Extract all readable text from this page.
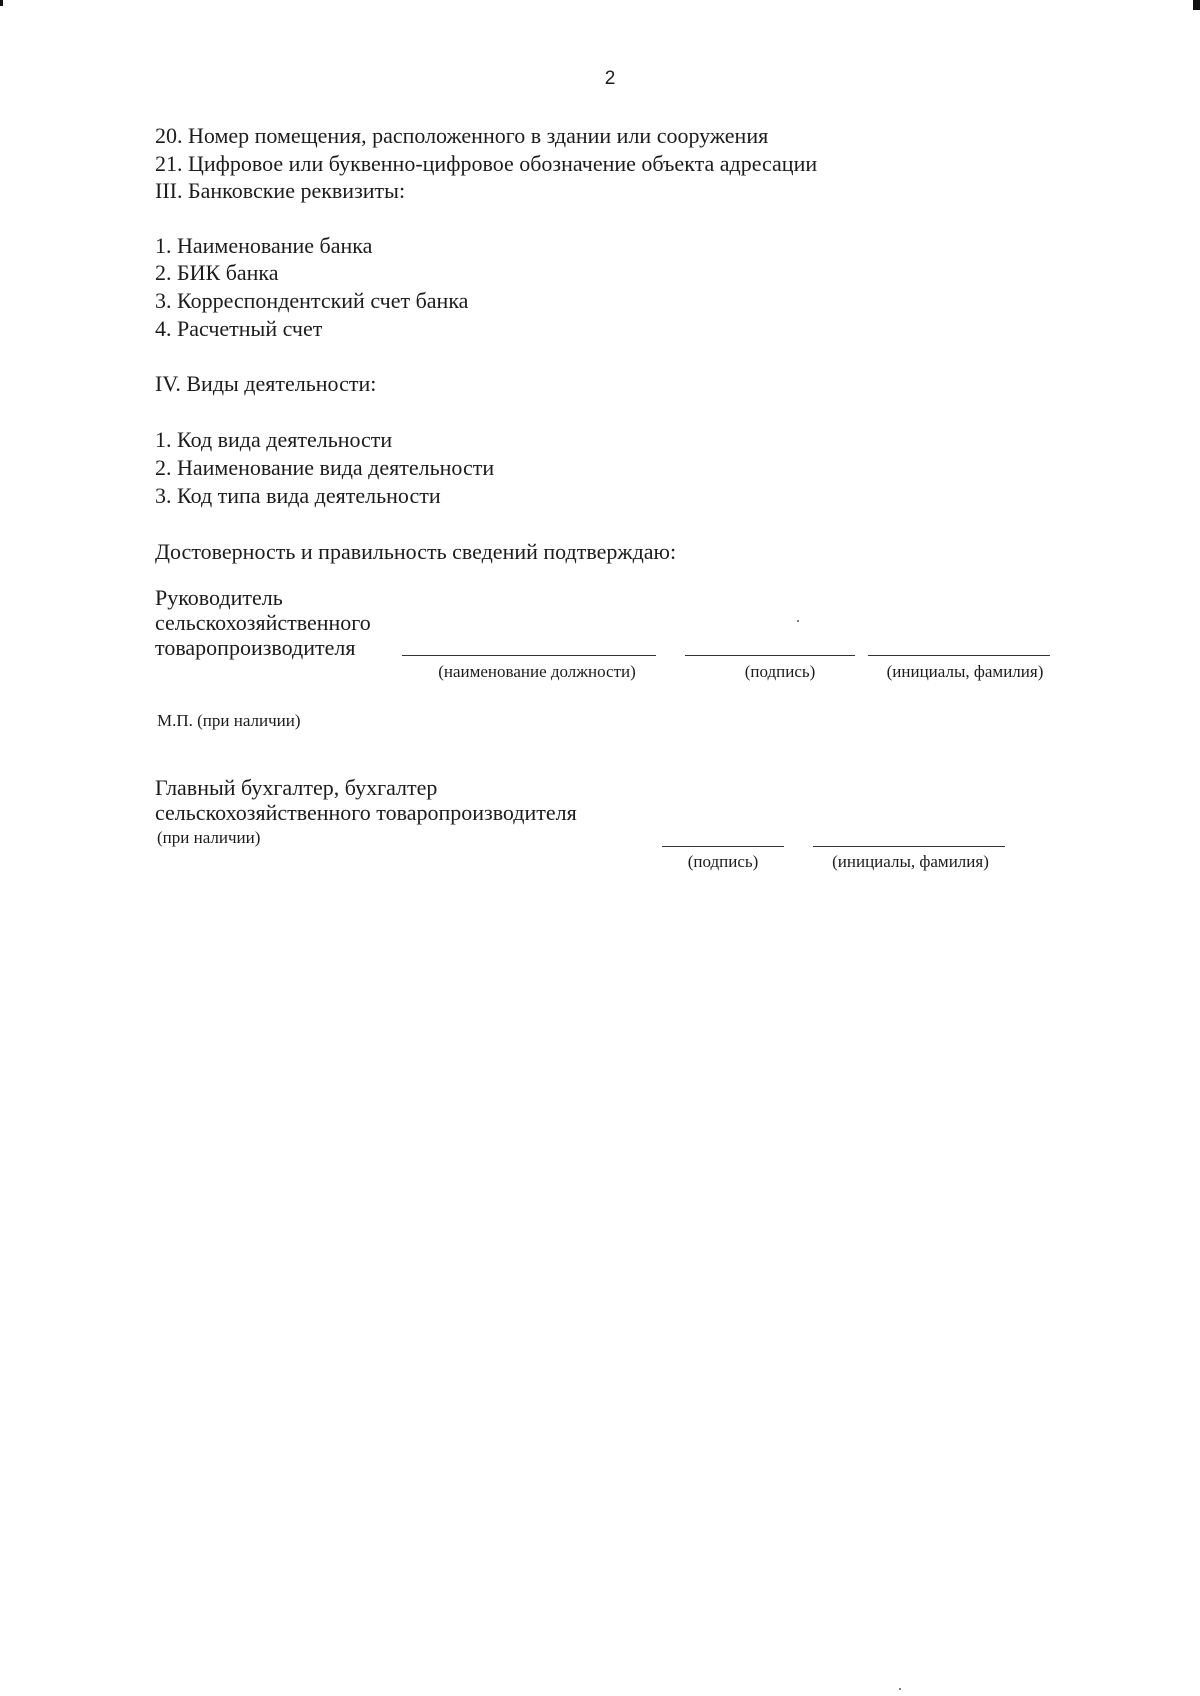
2
20. Номер помещения, расположенного в здании или сооружения
21. Цифровое или буквенно-цифровое обозначение объекта адресации
III. Банковские реквизиты:
1. Наименование банка
2. БИК банка
3. Корреспондентский счет банка
4. Расчетный счет
IV. Виды деятельности:
1. Код вида деятельности
2. Наименование вида деятельности
3. Код типа вида деятельности
Достоверность и правильность сведений подтверждаю:
Руководитель
сельскохозяйственного
товаропроизводителя
(наименование должности)	(подпись)	(инициалы, фамилия)
М.П. (при наличии)
Главный бухгалтер, бухгалтер
сельскохозяйственного товаропроизводителя
(при наличии)
(подпись)	(инициалы, фамилия)
